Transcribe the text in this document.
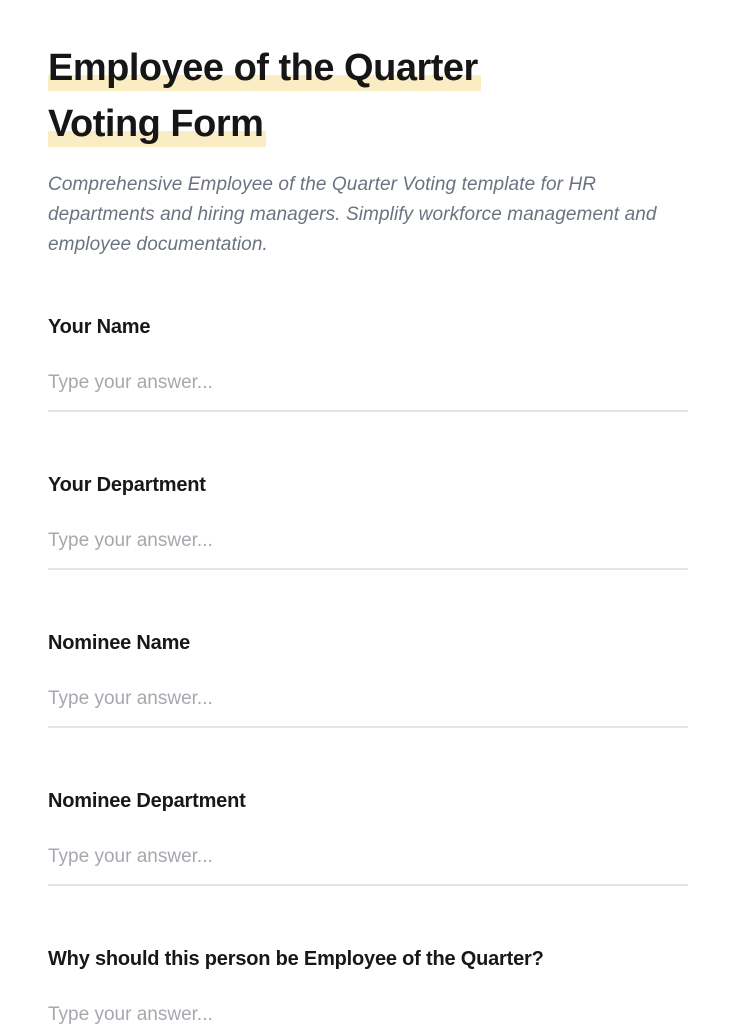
Employee of the Quarter
Voting Form

Comprehensive Employee of the Quarter Voting template for HR departments and hiring managers. Simplify workforce management and employee documentation.

Your Name
Type your answer...
Your Department
Type your answer...
Nominee Name
Type your answer...
Nominee Department
Type your answer...
Why should this person be Employee of the Quarter?
Type your answer...
